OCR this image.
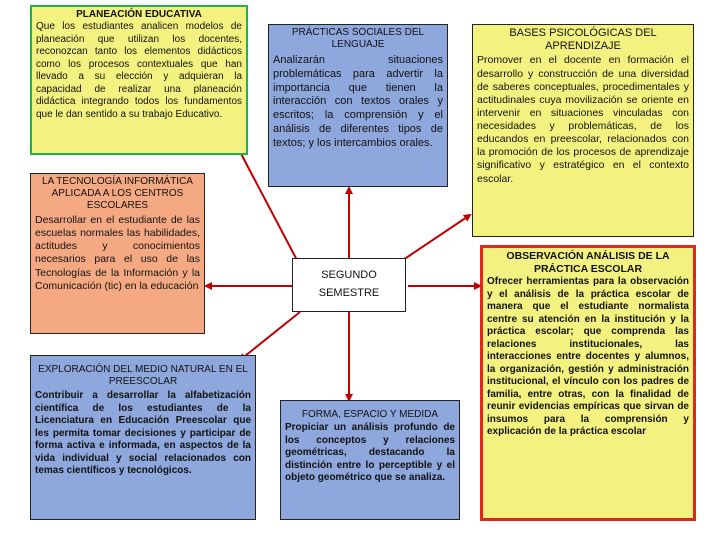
PLANEACIÓN EDUCATIVA
Que los estudiantes analicen modelos de planeación que utilizan los docentes, reconozcan tanto los elementos didácticos como los procesos contextuales que han llevado a su elección y adquieran la capacidad de realizar una planeación didáctica integrando todos los fundamentos que le dan sentido a su trabajo Educativo.
PRÁCTICAS SOCIALES DEL LENGUAJE
Analizarán situaciones problemáticas para advertir la importancia que tienen la interacción con textos orales y escritos; la comprensión y el análisis de diferentes tipos de textos; y los intercambios orales.
BASES PSICOLÓGICAS DEL APRENDIZAJE
Promover en el docente en formación el desarrollo y construcción de una diversidad de saberes conceptuales, procedimentales y actitudinales cuya movilización se oriente en intervenir en situaciones vinculadas con necesidades y problemáticas, de los educandos en preescolar, relacionados con la promoción de los procesos de aprendizaje significativo y estratégico en el contexto escolar.
LA TECNOLOGÍA INFORMÁTICA APLICADA A LOS CENTROS ESCOLARES
Desarrollar en el estudiante de las escuelas normales las habilidades, actitudes y conocimientos necesarios para el uso de las Tecnologías de la Información y la Comunicación (tic) en la educación
SEGUNDO SEMESTRE
OBSERVACIÓN ANÁLISIS DE LA PRÁCTICA ESCOLAR
Ofrecer herramientas para la observación y el análisis de la práctica escolar de manera que el estudiante normalista centre su atención en la institución y la práctica escolar; que comprenda las relaciones institucionales, las interacciones entre docentes y alumnos, la organización, gestión y administración institucional, el vínculo con los padres de familia, entre otras, con la finalidad de reunir evidencias empíricas que sirvan de insumos para la comprensión y explicación de la práctica escolar
EXPLORACIÓN DEL MEDIO NATURAL EN EL PREESCOLAR
Contribuir a desarrollar la alfabetización científica de los estudiantes de la Licenciatura en Educación Preescolar que les permita tomar decisiones y participar de forma activa e informada, en aspectos de la vida individual y social relacionados con temas científicos y tecnológicos.
FORMA, ESPACIO Y MEDIDA
Propiciar un análisis profundo de los conceptos y relaciones geométricas, destacando la distinción entre lo perceptible y el objeto geométrico que se analiza.
